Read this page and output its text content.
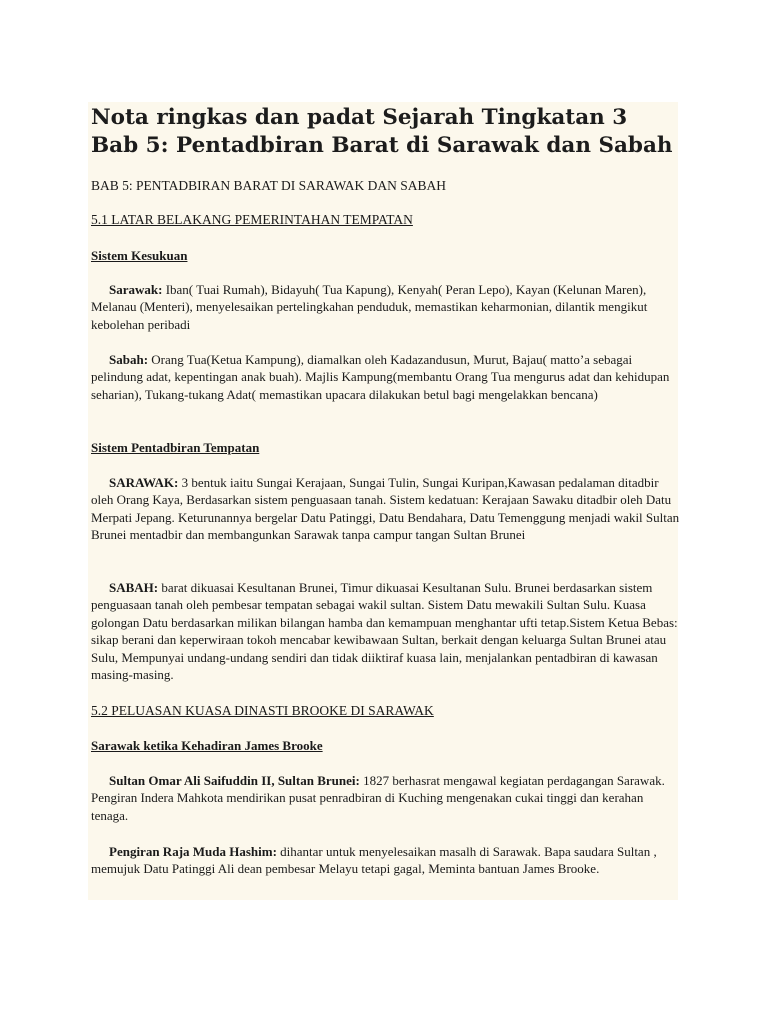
Nota ringkas dan padat Sejarah Tingkatan 3 Bab 5: Pentadbiran Barat di Sarawak dan Sabah

BAB 5: PENTADBIRAN BARAT DI SARAWAK DAN SABAH

5.1 LATAR BELAKANG PEMERINTAHAN TEMPATAN

Sistem Kesukuan

Sarawak: Iban( Tuai Rumah), Bidayuh( Tua Kapung), Kenyah( Peran Lepo), Kayan (Kelunan Maren), Melanau (Menteri), menyelesaikan pertelingkahan penduduk, memastikan keharmonian, dilantik mengikut kebolehan peribadi
Sabah: Orang Tua(Ketua Kampung), diamalkan oleh Kadazandusun, Murut, Bajau( matto’a sebagai pelindung adat, kepentingan anak buah). Majlis Kampung(membantu Orang Tua mengurus adat dan kehidupan seharian), Tukang-tukang Adat( memastikan upacara dilakukan betul bagi mengelakkan bencana)

Sistem Pentadbiran Tempatan

SARAWAK: 3 bentuk iaitu Sungai Kerajaan, Sungai Tulin, Sungai Kuripan,Kawasan pedalaman ditadbir oleh Orang Kaya, Berdasarkan sistem penguasaan tanah. Sistem kedatuan: Kerajaan Sawaku ditadbir oleh Datu Merpati Jepang. Keturunannya bergelar Datu Patinggi, Datu Bendahara, Datu Temenggung menjadi wakil Sultan Brunei mentadbir dan membangunkan Sarawak tanpa campur tangan Sultan Brunei
SABAH: barat dikuasai Kesultanan Brunei, Timur dikuasai Kesultanan Sulu. Brunei berdasarkan sistem penguasaan tanah oleh pembesar tempatan sebagai wakil sultan. Sistem Datu mewakili Sultan Sulu. Kuasa golongan Datu berdasarkan milikan bilangan hamba dan kemampuan menghantar ufti tetap.Sistem Ketua Bebas: sikap berani dan keperwiraan tokoh mencabar kewibawaan Sultan, berkait dengan keluarga Sultan Brunei atau Sulu, Mempunyai undang-undang sendiri dan tidak diiktiraf kuasa lain, menjalankan pentadbiran di kawasan masing-masing.

5.2 PELUASAN KUASA DINASTI BROOKE DI SARAWAK

Sarawak ketika Kehadiran James Brooke

Sultan Omar Ali Saifuddin II, Sultan Brunei: 1827 berhasrat mengawal kegiatan perdagangan Sarawak. Pengiran Indera Mahkota mendirikan pusat penradbiran di Kuching mengenakan cukai tinggi dan kerahan tenaga.
Pengiran Raja Muda Hashim: dihantar untuk menyelesaikan masalh di Sarawak. Bapa saudara Sultan , memujuk Datu Patinggi Ali dean pembesar Melayu tetapi gagal, Meminta bantuan James Brooke.
